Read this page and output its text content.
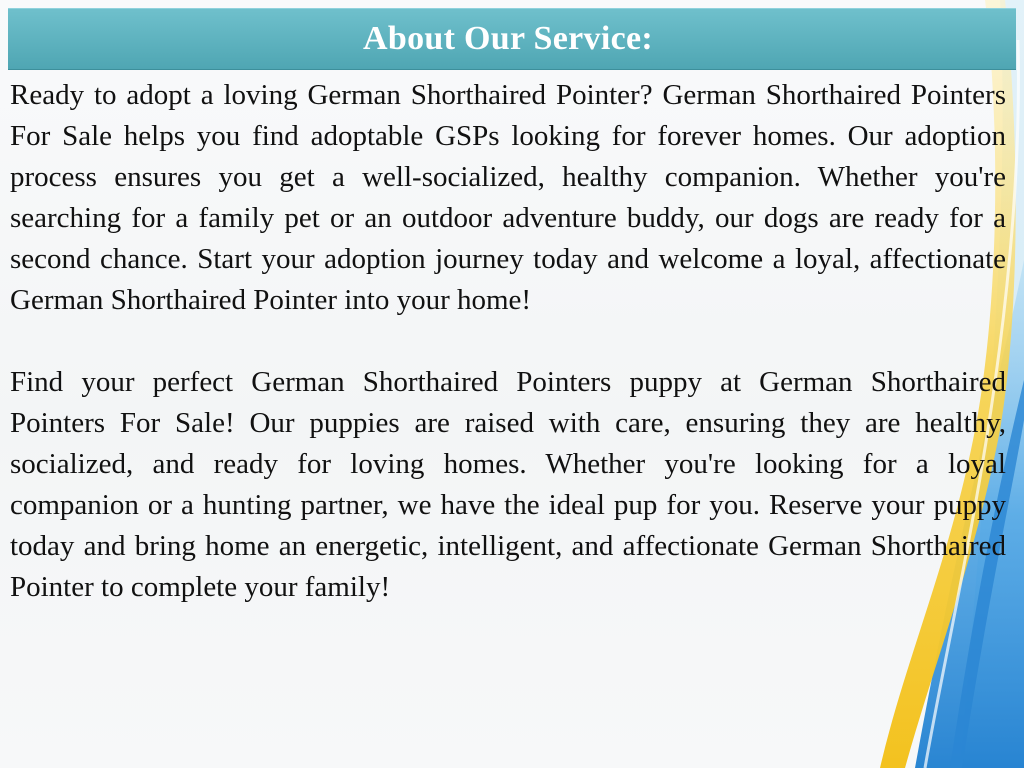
About Our Service:

Ready to adopt a loving German Shorthaired Pointer? German Shorthaired Pointers For Sale helps you find adoptable GSPs looking for forever homes. Our adoption process ensures you get a well-socialized, healthy companion. Whether you're searching for a family pet or an outdoor adventure buddy, our dogs are ready for a second chance. Start your adoption journey today and welcome a loyal, affectionate German Shorthaired Pointer into your home!

Find your perfect German Shorthaired Pointers puppy at German Shorthaired Pointers For Sale! Our puppies are raised with care, ensuring they are healthy, socialized, and ready for loving homes. Whether you're looking for a loyal companion or a hunting partner, we have the ideal pup for you. Reserve your puppy today and bring home an energetic, intelligent, and affectionate German Shorthaired Pointer to complete your family!
